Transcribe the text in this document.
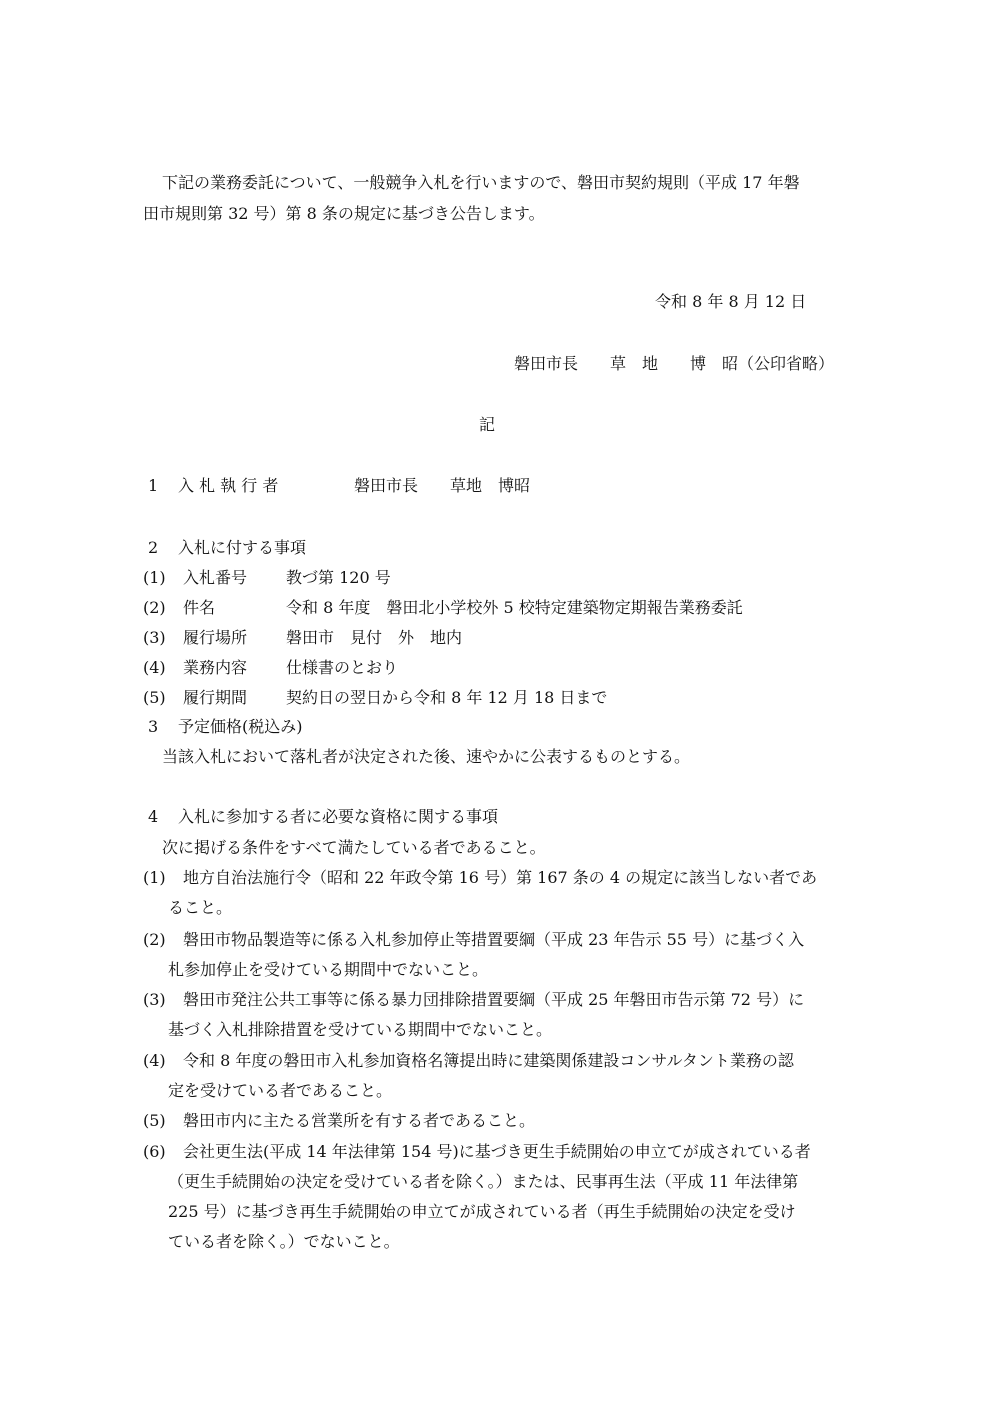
下記の業務委託について、一般競争入札を行いますので、磐田市契約規則（平成 17 年磐

田市規則第 32 号）第 8 条の規定に基づき公告します。

令和 8 年 8 月 12 日

磐田市長　　草　地　　博　昭（公印省略）

記

1 入 札 執 行 者	磐田市長　　草地　博昭
2 入札に付する事項
(1) 入札番号 教づ第 120 号
(2) 件名	令和 8 年度　磐田北小学校外 5 校特定建築物定期報告業務委託
(3) 履行場所 磐田市　見付　外　地内
(4) 業務内容 仕様書のとおり
(5) 履行期間 契約日の翌日から令和 8 年 12 月 18 日まで
3 予定価格(税込み)

当該入札において落札者が決定された後、速やかに公表するものとする。

4 入札に参加する者に必要な資格に関する事項

次に掲げる条件をすべて満たしている者であること。

(1) 地方自治法施行令（昭和 22 年政令第 16 号）第 167 条の 4 の規定に該当しない者であ
ること。
(2) 磐田市物品製造等に係る入札参加停止等措置要綱（平成 23 年告示 55 号）に基づく入
札参加停止を受けている期間中でないこと。
(3) 磐田市発注公共工事等に係る暴力団排除措置要綱（平成 25 年磐田市告示第 72 号）に
基づく入札排除措置を受けている期間中でないこと。
(4) 令和 8 年度の磐田市入札参加資格名簿提出時に建築関係建設コンサルタント業務の認
定を受けている者であること。
(5) 磐田市内に主たる営業所を有する者であること。
(6) 会社更生法(平成 14 年法律第 154 号)に基づき更生手続開始の申立てが成されている者
（更生手続開始の決定を受けている者を除く。）または、民事再生法（平成 11 年法律第
225 号）に基づき再生手続開始の申立てが成されている者（再生手続開始の決定を受け
ている者を除く。）でないこと。
